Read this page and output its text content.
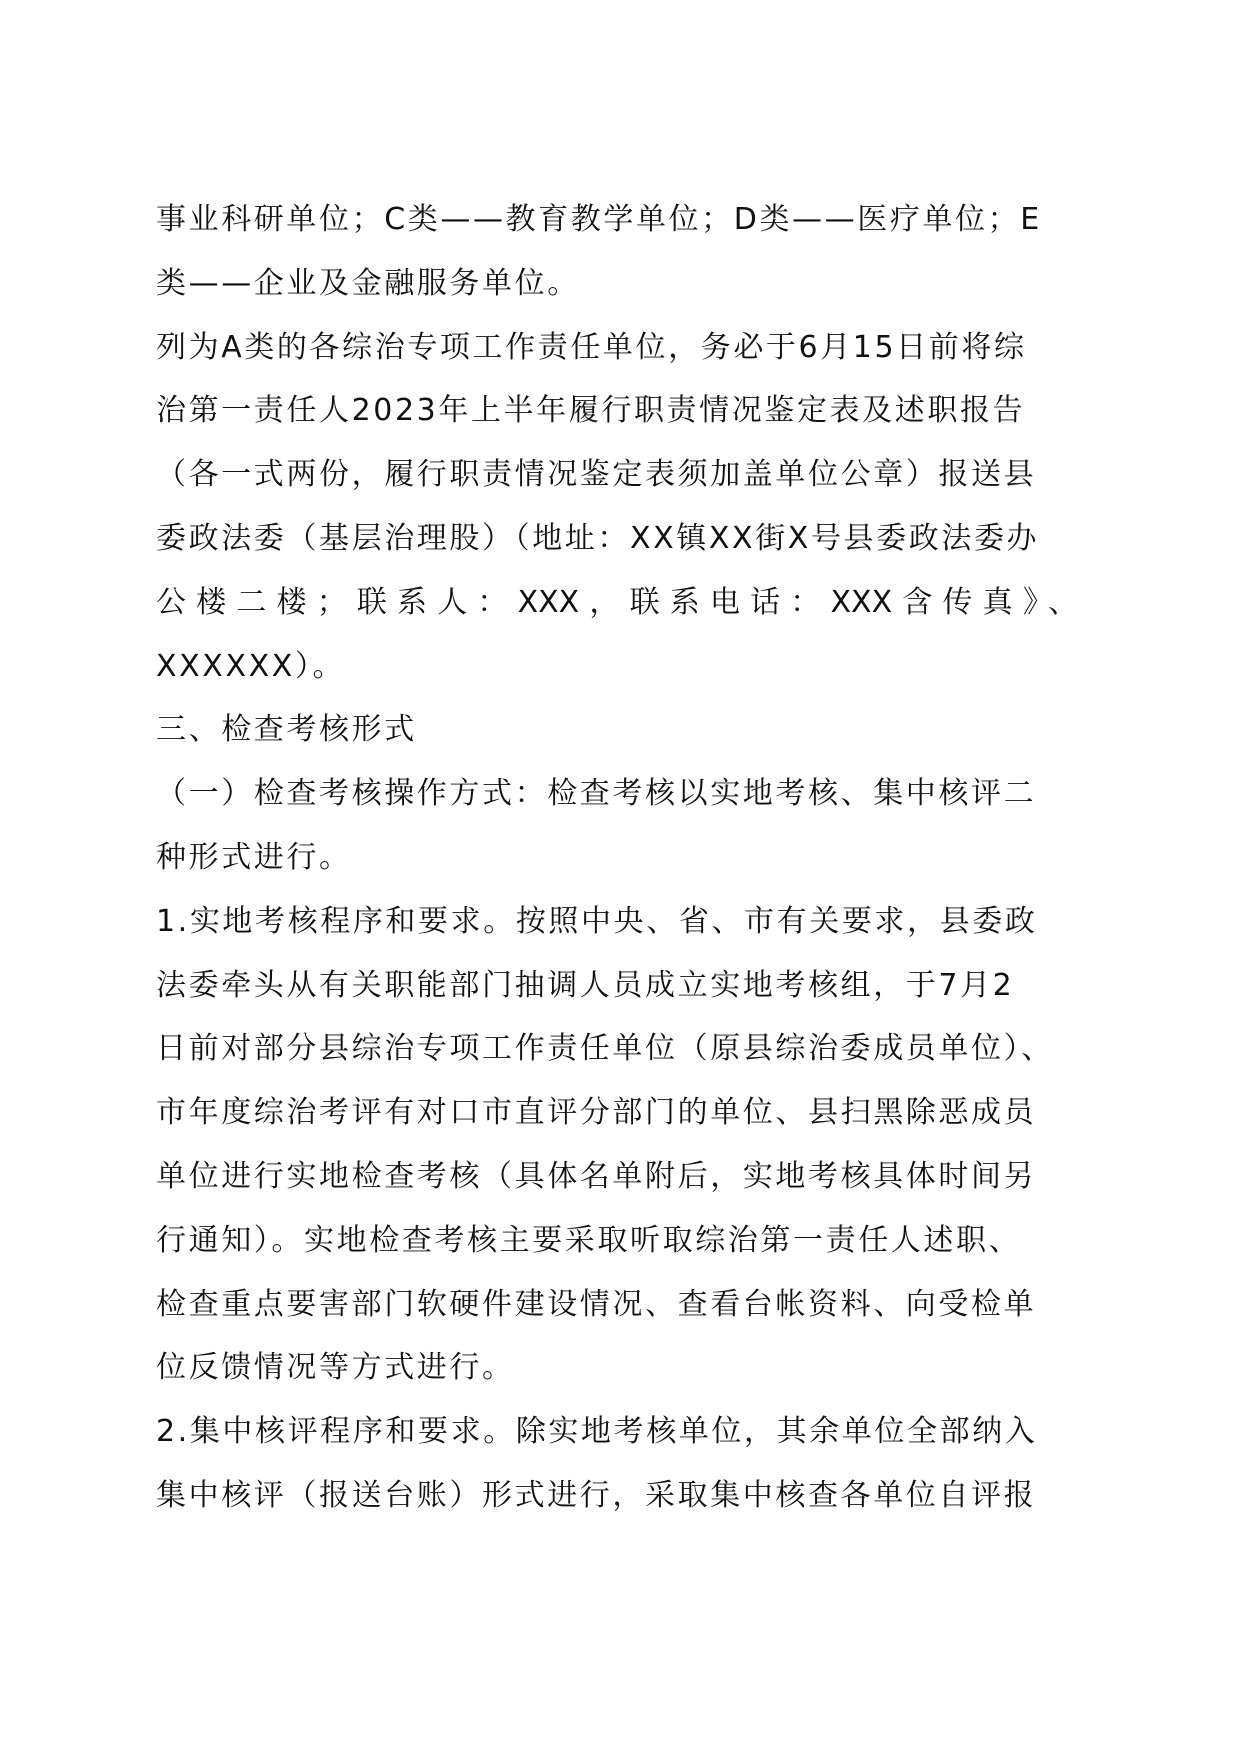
事业科研单位；C类——教育教学单位；D类——医疗单位；E
类——企业及金融服务单位。
列为A类的各综治专项工作责任单位，务必于6月15日前将综
治第一责任人2023年上半年履行职责情况鉴定表及述职报告
（各一式两份，履行职责情况鉴定表须加盖单位公章）报送县
委政法委（基层治理股）（地址：XX镇XX街X号县委政法委办
公楼二楼；联系人：XXX，联系电话：XXX含传真》、
XXXXXX）。
三、检查考核形式
（一）检查考核操作方式：检查考核以实地考核、集中核评二
种形式进行。
1.实地考核程序和要求。按照中央、省、市有关要求，县委政
法委牵头从有关职能部门抽调人员成立实地考核组，于7月2
日前对部分县综治专项工作责任单位（原县综治委成员单位）、
市年度综治考评有对口市直评分部门的单位、县扫黑除恶成员
单位进行实地检查考核（具体名单附后，实地考核具体时间另
行通知）。实地检查考核主要采取听取综治第一责任人述职、
检查重点要害部门软硬件建设情况、查看台帐资料、向受检单
位反馈情况等方式进行。
2.集中核评程序和要求。除实地考核单位，其余单位全部纳入
集中核评（报送台账）形式进行，采取集中核查各单位自评报
